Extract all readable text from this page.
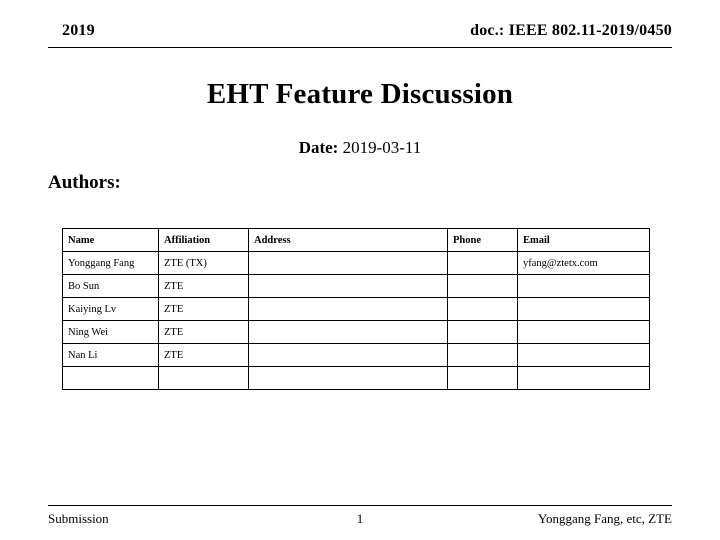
2019	doc.: IEEE 802.11-2019/0450
EHT Feature Discussion
Date: 2019-03-11
Authors:
Name	Affiliation	Address	Phone	Email
Yonggang Fang	ZTE (TX)			yfang@ztetx.com
Bo Sun	ZTE			
Kaiying Lv	ZTE			
Ning Wei	ZTE			
Nan Li	ZTE			

Submission	1	Yonggang Fang, etc, ZTE
